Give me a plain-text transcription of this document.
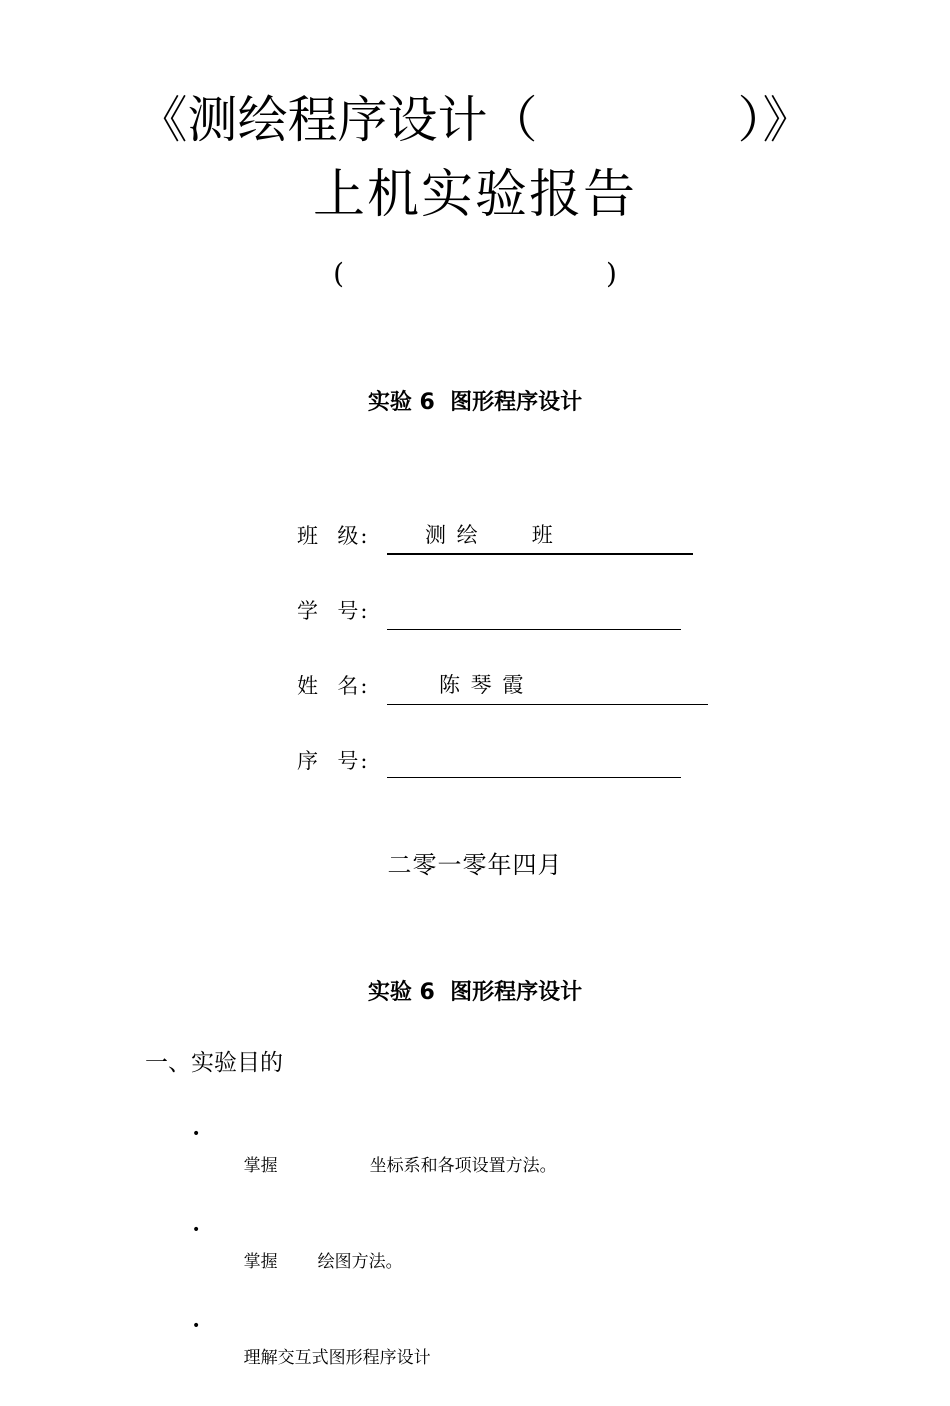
《测绘程序设计（	）》
上机实验报告
(	)
实验 6  图形程序设计
班  级:	测 绘      班
学  号:
姓  名:	陈 琴 霞
序  号:
二零一零年四月
实验 6  图形程序设计
一、实验目的

•
掌握	坐标系和各项设置方法。

•
掌握 绘图方法。

•
理解交互式图形程序设计
